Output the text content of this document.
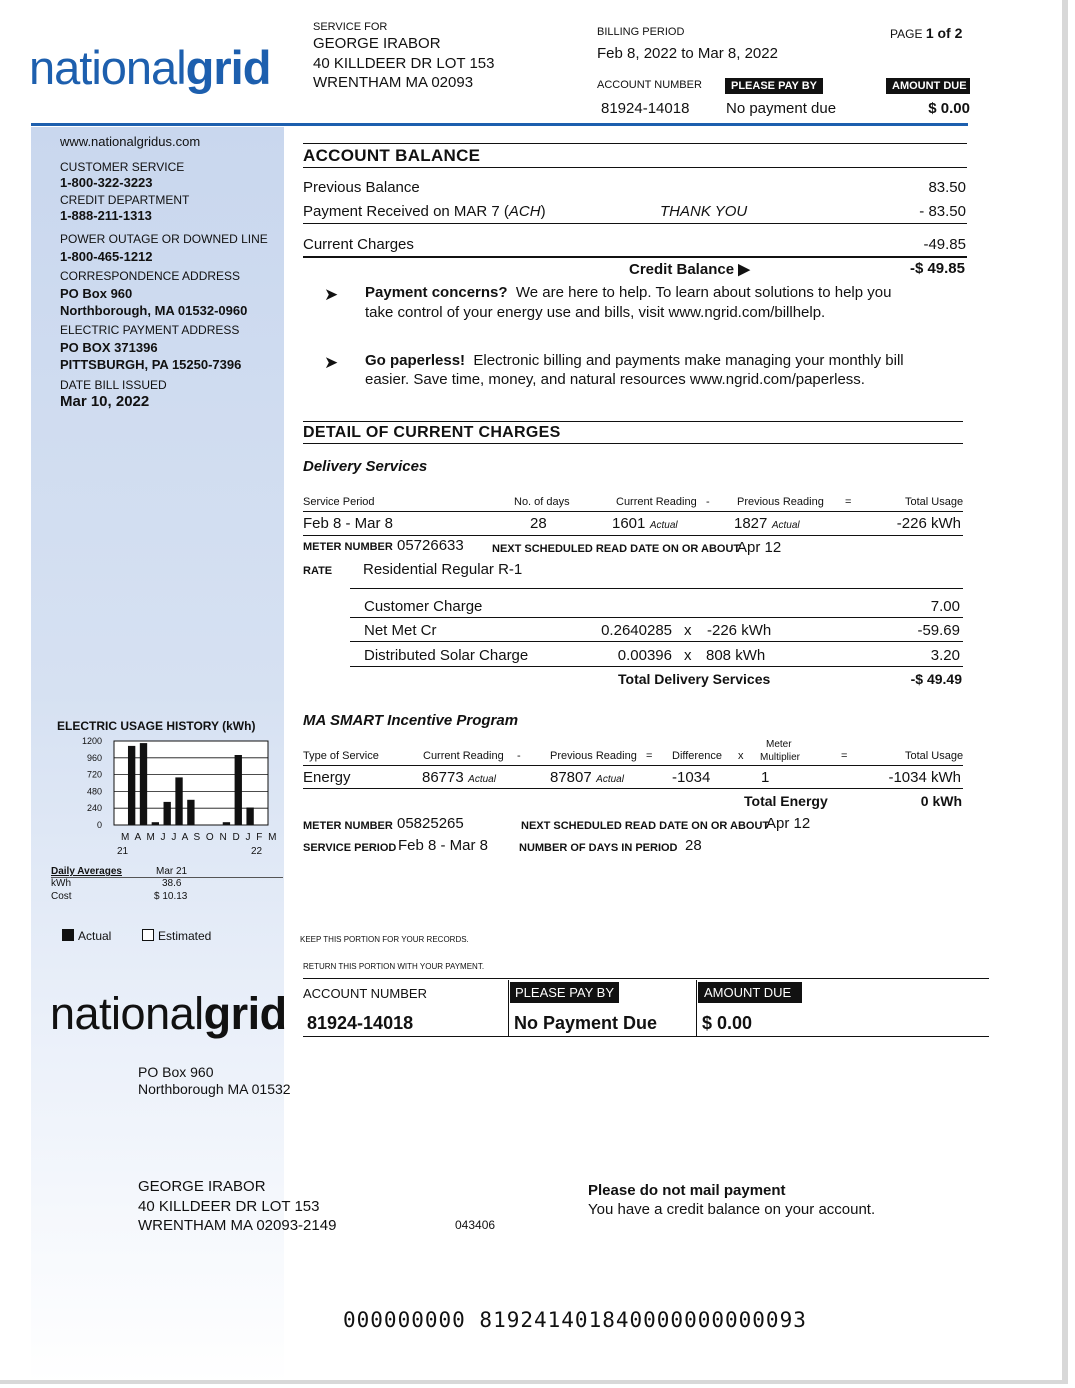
nationalgrid
SERVICE FOR
GEORGE IRABOR
40 KILLDEER DR LOT 153
WRENTHAM MA 02093
BILLING PERIOD
Feb 8, 2022 to Mar 8, 2022
PAGE 1 of 2
ACCOUNT NUMBER
81924-14018
PLEASE PAY BY
No payment due
AMOUNT DUE
$ 0.00
www.nationalgridus.com
CUSTOMER SERVICE
1-800-322-3223
CREDIT DEPARTMENT
1-888-211-1313
POWER OUTAGE OR DOWNED LINE
1-800-465-1212
CORRESPONDENCE ADDRESS
PO Box 960
Northborough, MA 01532-0960
ELECTRIC PAYMENT ADDRESS
PO BOX 371396
PITTSBURGH, PA 15250-7396
DATE BILL ISSUED
Mar 10, 2022
ELECTRIC USAGE HISTORY (kWh)
1200
960
720
480
240
0
M A M J J A S O N D J F M
21	22
Daily Averages	Mar 21
kWh	38.6
Cost	$ 10.13
Actual	Estimated
ACCOUNT BALANCE
Previous Balance	83.50
Payment Received on MAR 7 (ACH)	THANK YOU	- 83.50
Current Charges	-49.85
Credit Balance ▶	-$ 49.85
➤ Payment concerns? We are here to help. To learn about solutions to help you
take control of your energy use and bills, visit www.ngrid.com/billhelp.
➤ Go paperless! Electronic billing and payments make managing your monthly bill
easier. Save time, money, and natural resources www.ngrid.com/paperless.
DETAIL OF CURRENT CHARGES
Delivery Services
Service Period	No. of days	Current Reading - Previous Reading =	Total Usage
Feb 8 - Mar 8	28	1601 Actual	1827 Actual	-226 kWh
METER NUMBER 05726633	NEXT SCHEDULED READ DATE ON OR ABOUT
Apr 12
RATE Residential Regular R-1
Customer Charge	7.00
Net Met Cr	0.2640285 x -226 kWh	-59.69
Distributed Solar Charge	0.00396 x 808 kWh	3.20
Total Delivery Services	-$ 49.49
MA SMART Incentive Program
Type of Service	Current Reading -	Previous Reading = Difference x
Meter
Multiplier	=	Total Usage
Energy	86773 Actual	87807 Actual	-1034	1	-1034 kWh
Total Energy	0 kWh
METER NUMBER 05825265	NEXT SCHEDULED READ DATE ON OR ABOUT
Apr 12
SERVICE PERIOD Feb 8 - Mar 8	NUMBER OF DAYS IN PERIOD 28
KEEP THIS PORTION FOR YOUR RECORDS.
RETURN THIS PORTION WITH YOUR PAYMENT.
ACCOUNT NUMBER
81924-14018
PLEASE PAY BY
No Payment Due
AMOUNT DUE
$ 0.00
nationalgrid
PO Box 960
Northborough MA 01532
GEORGE IRABOR
40 KILLDEER DR LOT 153
WRENTHAM MA 02093-2149	043406
Please do not mail payment
You have a credit balance on your account.
000000000 819241401840000000000093
